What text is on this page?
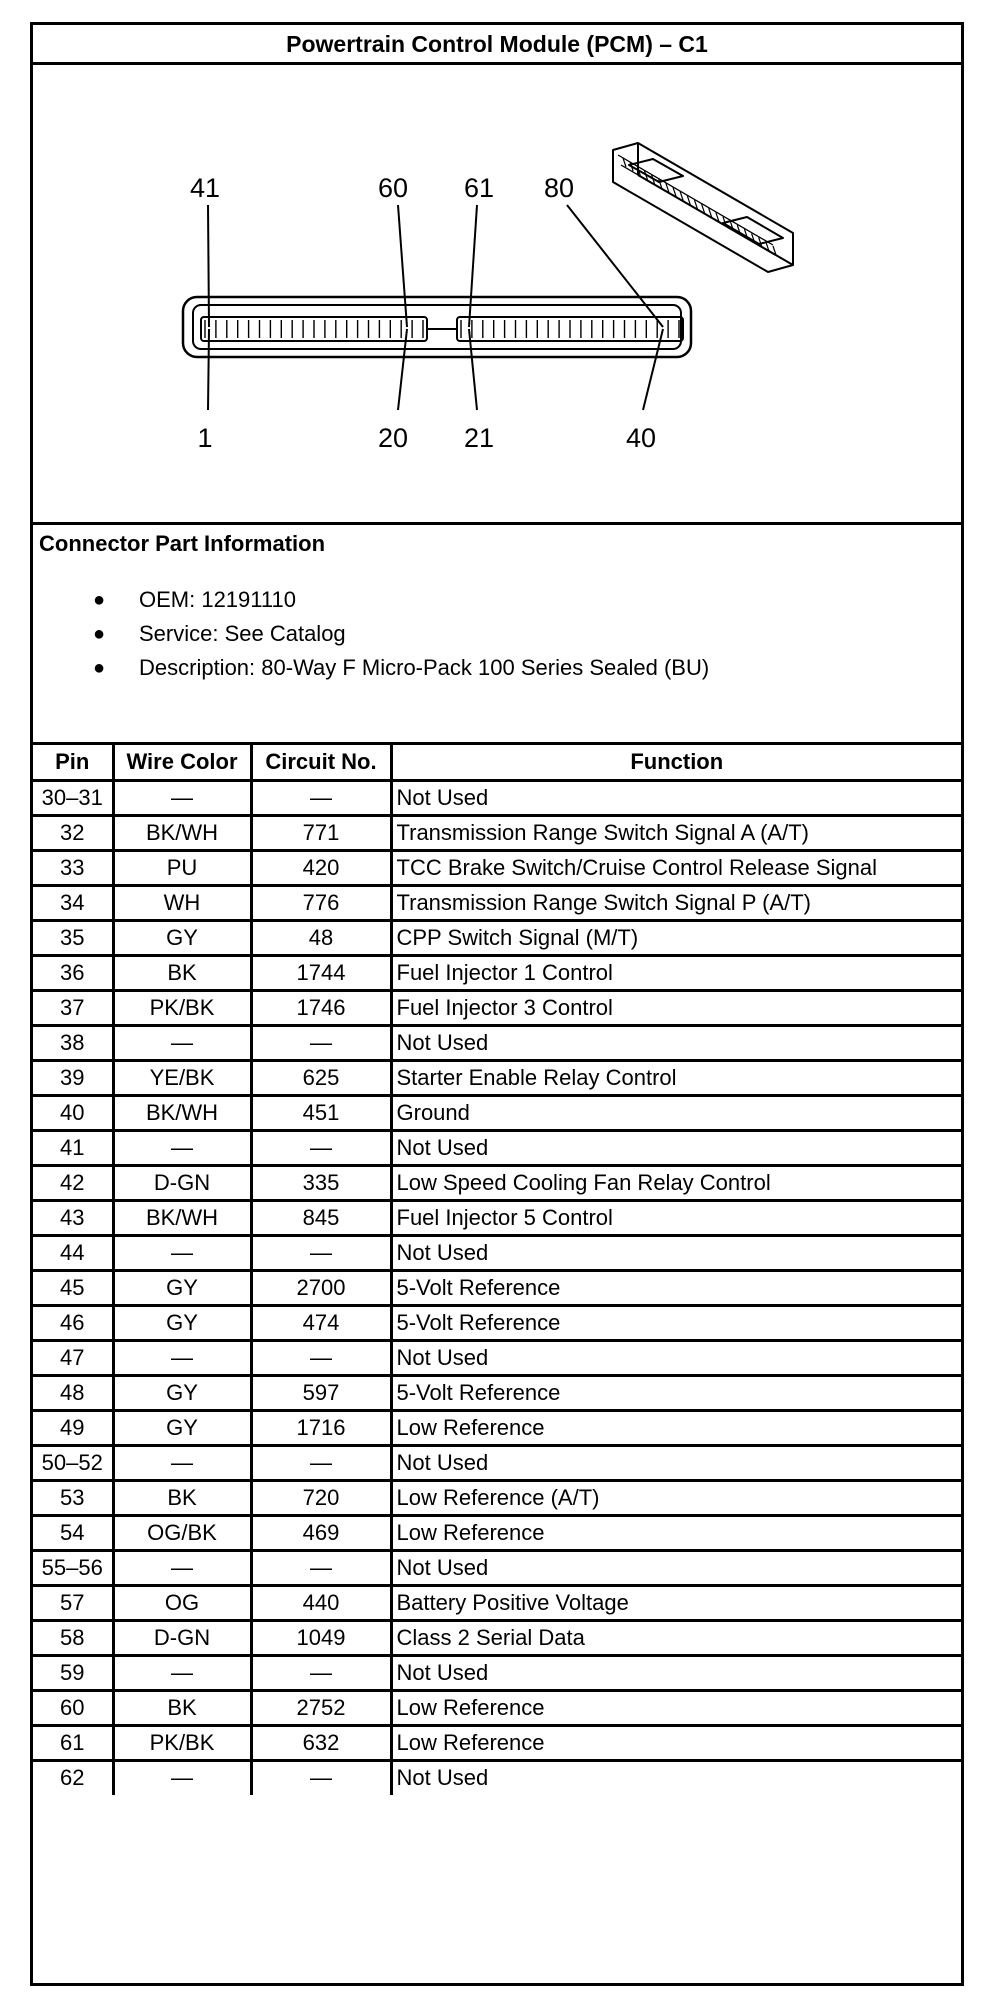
Powertrain Control Module (PCM) – C1
41	60 61 80
1	20 21	40
Connector Part Information
● OEM: 12191110
● Service: See Catalog
● Description: 80-Way F Micro-Pack 100 Series Sealed (BU)
Pin	Wire Color	Circuit No.	Function
30–31	—	—	Not Used
32	BK/WH	771	Transmission Range Switch Signal A (A/T)
33	PU	420	TCC Brake Switch/Cruise Control Release Signal
34	WH	776	Transmission Range Switch Signal P (A/T)
35	GY	48	CPP Switch Signal (M/T)
36	BK	1744	Fuel Injector 1 Control
37	PK/BK	1746	Fuel Injector 3 Control
38	—	—	Not Used
39	YE/BK	625	Starter Enable Relay Control
40	BK/WH	451	Ground
41	—	—	Not Used
42	D-GN	335	Low Speed Cooling Fan Relay Control
43	BK/WH	845	Fuel Injector 5 Control
44	—	—	Not Used
45	GY	2700	5-Volt Reference
46	GY	474	5-Volt Reference
47	—	—	Not Used
48	GY	597	5-Volt Reference
49	GY	1716	Low Reference
50–52	—	—	Not Used
53	BK	720	Low Reference (A/T)
54	OG/BK	469	Low Reference
55–56	—	—	Not Used
57	OG	440	Battery Positive Voltage
58	D-GN	1049	Class 2 Serial Data
59	—	—	Not Used
60	BK	2752	Low Reference
61	PK/BK	632	Low Reference
62	—	—	Not Used
